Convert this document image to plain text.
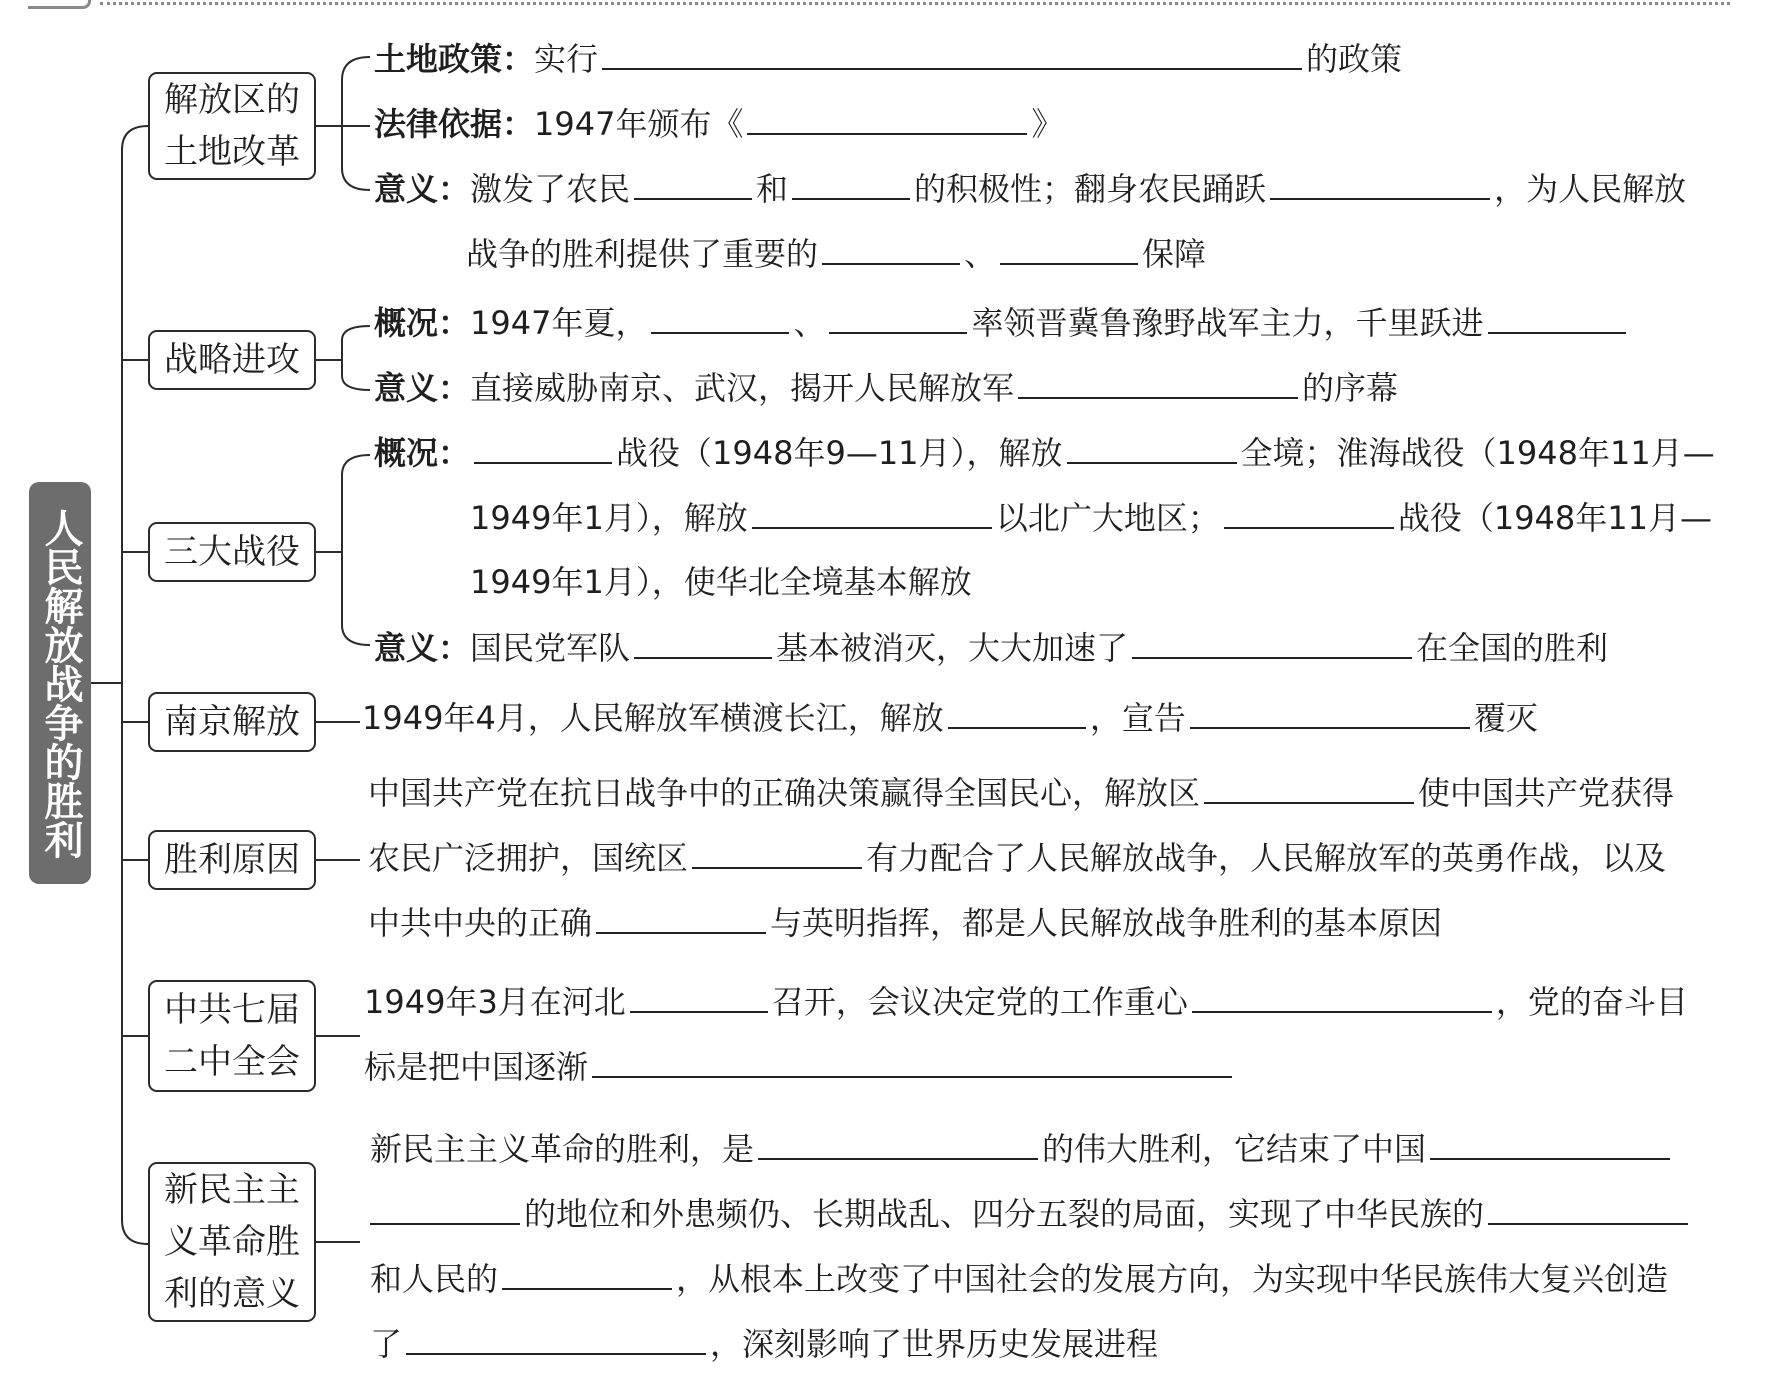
人民解放战争的胜利
解放区的土地改革
战略进攻
三大战役
南京解放
胜利原因
中共七届二中全会
新民主主义革命胜利的意义
土地政策：实行	的政策
法律依据：1947年颁布《	》
意义：激发了农民	和	的积极性；翻身农民踊跃	，为人民解放
战争的胜利提供了重要的	、	保障
概况：1947年夏，	、	率领晋冀鲁豫野战军主力，千里跃进
意义：直接威胁南京、武汉，揭开人民解放军	的序幕
概况：	战役（1948年9—11月），解放	全境；淮海战役（1948年11月—
1949年1月），解放	以北广大地区；	战役（1948年11月—
1949年1月），使华北全境基本解放
意义：国民党军队	基本被消灭，大大加速了	在全国的胜利
1949年4月，人民解放军横渡长江，解放	，宣告	覆灭
中国共产党在抗日战争中的正确决策赢得全国民心，解放区	使中国共产党获得
农民广泛拥护，国统区	有力配合了人民解放战争，人民解放军的英勇作战，以及
中共中央的正确	与英明指挥，都是人民解放战争胜利的基本原因
1949年3月在河北	召开，会议决定党的工作重心	，党的奋斗目
标是把中国逐渐
新民主主义革命的胜利，是	的伟大胜利，它结束了中国
的地位和外患频仍、长期战乱、四分五裂的局面，实现了中华民族的
和人民的	，从根本上改变了中国社会的发展方向，为实现中华民族伟大复兴创造
了	，深刻影响了世界历史发展进程
